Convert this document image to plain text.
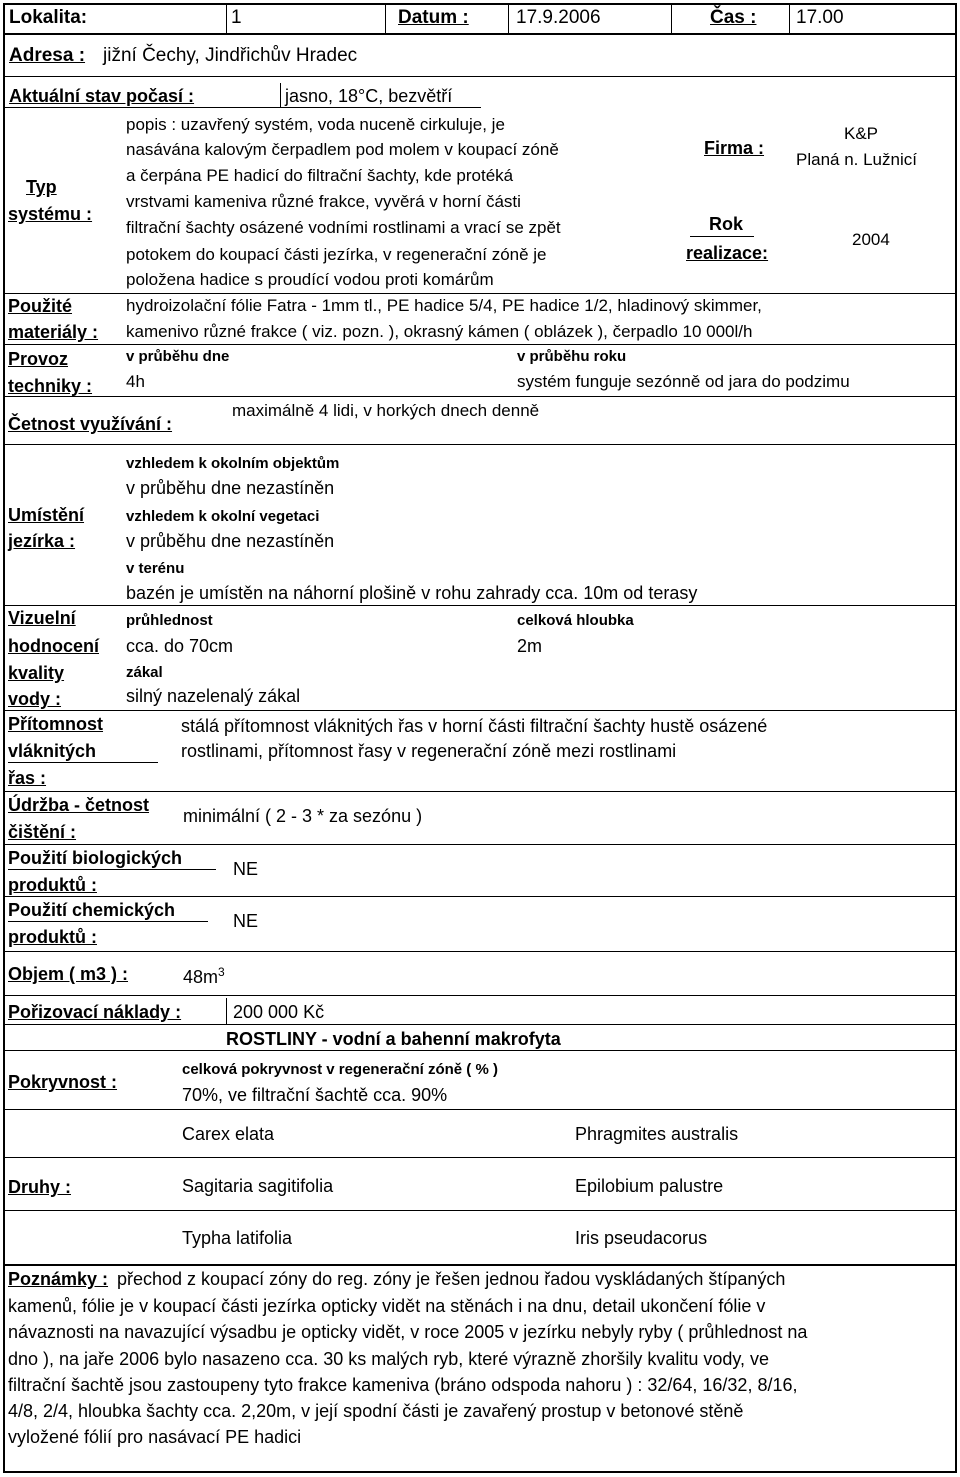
Lokalita:	1	Datum : 17.9.2006	Čas : 17.00
Adresa : jižní Čechy, Jindřichův Hradec
Aktuální stav počasí :	jasno, 18°C, bezvětří
Typ
systému :
popis : uzavřený systém, voda nuceně cirkuluje, je
nasávána kalovým čerpadlem pod molem v koupací zóně
a čerpána PE hadicí do filtrační šachty, kde protéká
vrstvami kameniva různé frakce, vyvěrá v horní části
filtrační šachty osázené vodními rostlinami a vrací se zpět
potokem do koupací části jezírka, v regenerační zóně je
položena hadice s proudící vodou proti komárům
Firma :
K&P
Planá n. Lužnicí
Rok
realizace:
2004
Použité
materiály :
hydroizolační fólie Fatra - 1mm tl., PE hadice 5/4, PE hadice 1/2, hladinový skimmer,
kamenivo různé frakce ( viz. pozn. ), okrasný kámen ( oblázek ), čerpadlo 10 000l/h
Provoz
techniky :
v průběhu dne
4h
v průběhu roku
systém funguje sezónně od jara do podzimu
Četnost využívání :
maximálně 4 lidi, v horkých dnech denně
Umístění
jezírka :
vzhledem k okolním objektům
v průběhu dne nezastíněn
vzhledem k okolní vegetaci
v průběhu dne nezastíněn
v terénu
bazén je umístěn na náhorní plošině v rohu zahrady cca. 10m od terasy
Vizuelní
hodnocení
kvality
vody :
průhlednost
cca. do 70cm
celková hloubka
2m
zákal
silný nazelenalý zákal
Přítomnost
vláknitých
řas :
stálá přítomnost vláknitých řas v horní části filtrační šachty hustě osázené
rostlinami, přítomnost řasy v regenerační zóně mezi rostlinami
Údržba - četnost
čištění :
minimální ( 2 - 3 * za sezónu )
Použití biologických
produktů :
NE
Použití chemických
produktů :
NE
Objem ( m3 ) :	$48m^3$
Pořizovací náklady :	200 000 Kč
ROSTLINY - vodní a bahenní makrofyta
Pokryvnost :
celková pokryvnost v regenerační zóně ( % )
70%, ve filtrační šachtě cca. 90%
Druhy :
Carex elata	Phragmites australis
Sagitaria sagitifolia	Epilobium palustre
Typha latifolia	Iris pseudacorus
Poznámky : přechod z koupací zóny do reg. zóny je řešen jednou řadou vyskládaných štípaných
kamenů, fólie je v koupací části jezírka opticky vidět na stěnách i na dnu, detail ukončení fólie v
návaznosti na navazující výsadbu je opticky vidět, v roce 2005 v jezírku nebyly ryby ( průhlednost na
dno ), na jaře 2006 bylo nasazeno cca. 30 ks malých ryb, které výrazně zhoršily kvalitu vody, ve
filtrační šachtě jsou zastoupeny tyto frakce kameniva (bráno odspoda nahoru ) : 32/64, 16/32, 8/16,
4/8, 2/4, hloubka šachty cca. 2,20m, v její spodní části je zavařený prostup v betonové stěně
vyložené fólií pro nasávací PE hadici
